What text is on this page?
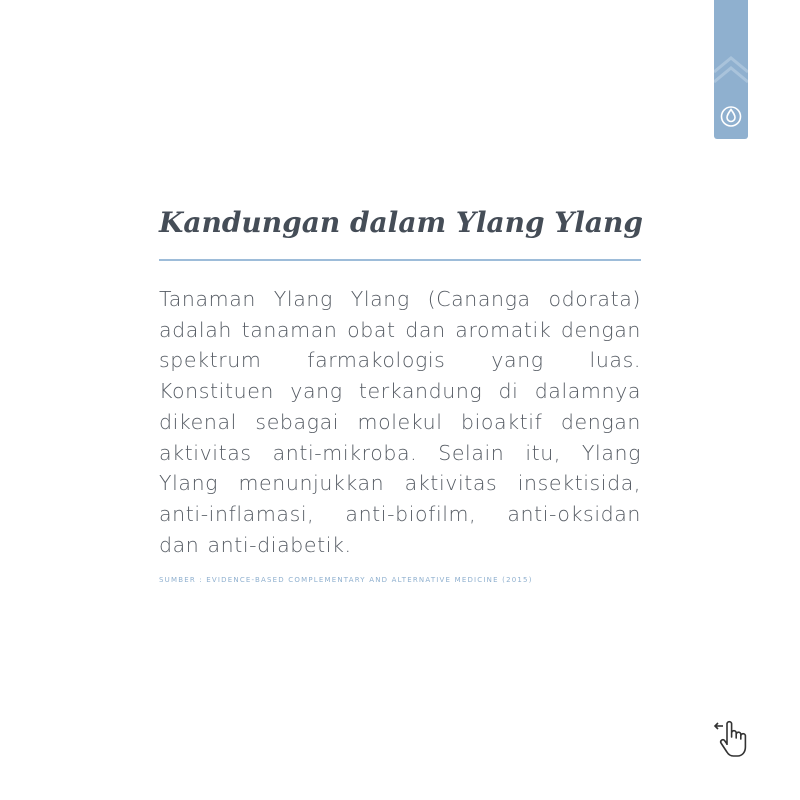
Kandungan dalam Ylang Ylang

Tanaman Ylang Ylang (Cananga odorata) adalah tanaman obat dan aromatik dengan spektrum farmakologis yang luas. Konstituen yang terkandung di dalamnya dikenal sebagai molekul bioaktif dengan aktivitas anti-mikroba. Selain itu, Ylang Ylang menunjukkan aktivitas insektisida, anti-inflamasi, anti-biofilm, anti-oksidan dan anti-diabetik.

SUMBER : EVIDENCE-BASED COMPLEMENTARY AND ALTERNATIVE MEDICINE (2015)
